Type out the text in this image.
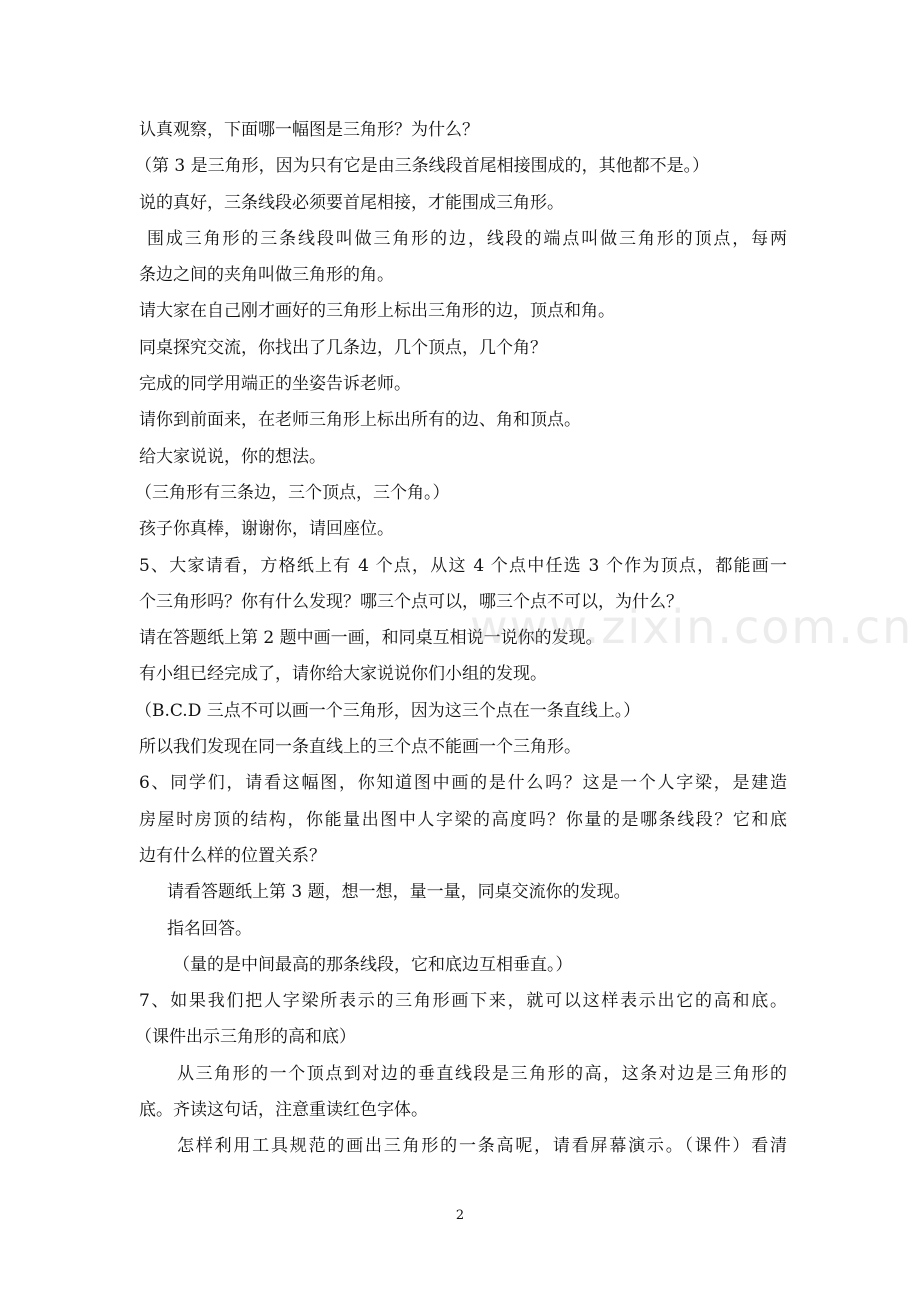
认真观察，下面哪一幅图是三角形？为什么？

（第 3 是三角形，因为只有它是由三条线段首尾相接围成的，其他都不是。）

说的真好，三条线段必须要首尾相接，才能围成三角形。

围成三角形的三条线段叫做三角形的边，线段的端点叫做三角形的顶点，每两

条边之间的夹角叫做三角形的角。

请大家在自己刚才画好的三角形上标出三角形的边，顶点和角。

同桌探究交流，你找出了几条边，几个顶点，几个角？

完成的同学用端正的坐姿告诉老师。

请你到前面来，在老师三角形上标出所有的边、角和顶点。

给大家说说，你的想法。

（三角形有三条边，三个顶点，三个角。）

孩子你真棒，谢谢你，请回座位。

5、大家请看，方格纸上有 4 个点，从这 4 个点中任选 3 个作为顶点，都能画一

个三角形吗？你有什么发现？哪三个点可以，哪三个点不可以，为什么？

请在答题纸上第 2 题中画一画，和同桌互相说一说你的发现。

有小组已经完成了，请你给大家说说你们小组的发现。

（B.C.D 三点不可以画一个三角形，因为这三个点在一条直线上。）

所以我们发现在同一条直线上的三个点不能画一个三角形。

6、同学们，请看这幅图，你知道图中画的是什么吗？这是一个人字梁，是建造

房屋时房顶的结构，你能量出图中人字梁的高度吗？你量的是哪条线段？它和底

边有什么样的位置关系？

请看答题纸上第 3 题，想一想，量一量，同桌交流你的发现。

指名回答。

（量的是中间最高的那条线段，它和底边互相垂直。）

7、如果我们把人字梁所表示的三角形画下来，就可以这样表示出它的高和底。

（课件出示三角形的高和底）

从三角形的一个顶点到对边的垂直线段是三角形的高，这条对边是三角形的

底。齐读这句话，注意重读红色字体。

怎样利用工具规范的画出三角形的一条高呢，请看屏幕演示。（课件）看清

www.zixin.com.cn
2
